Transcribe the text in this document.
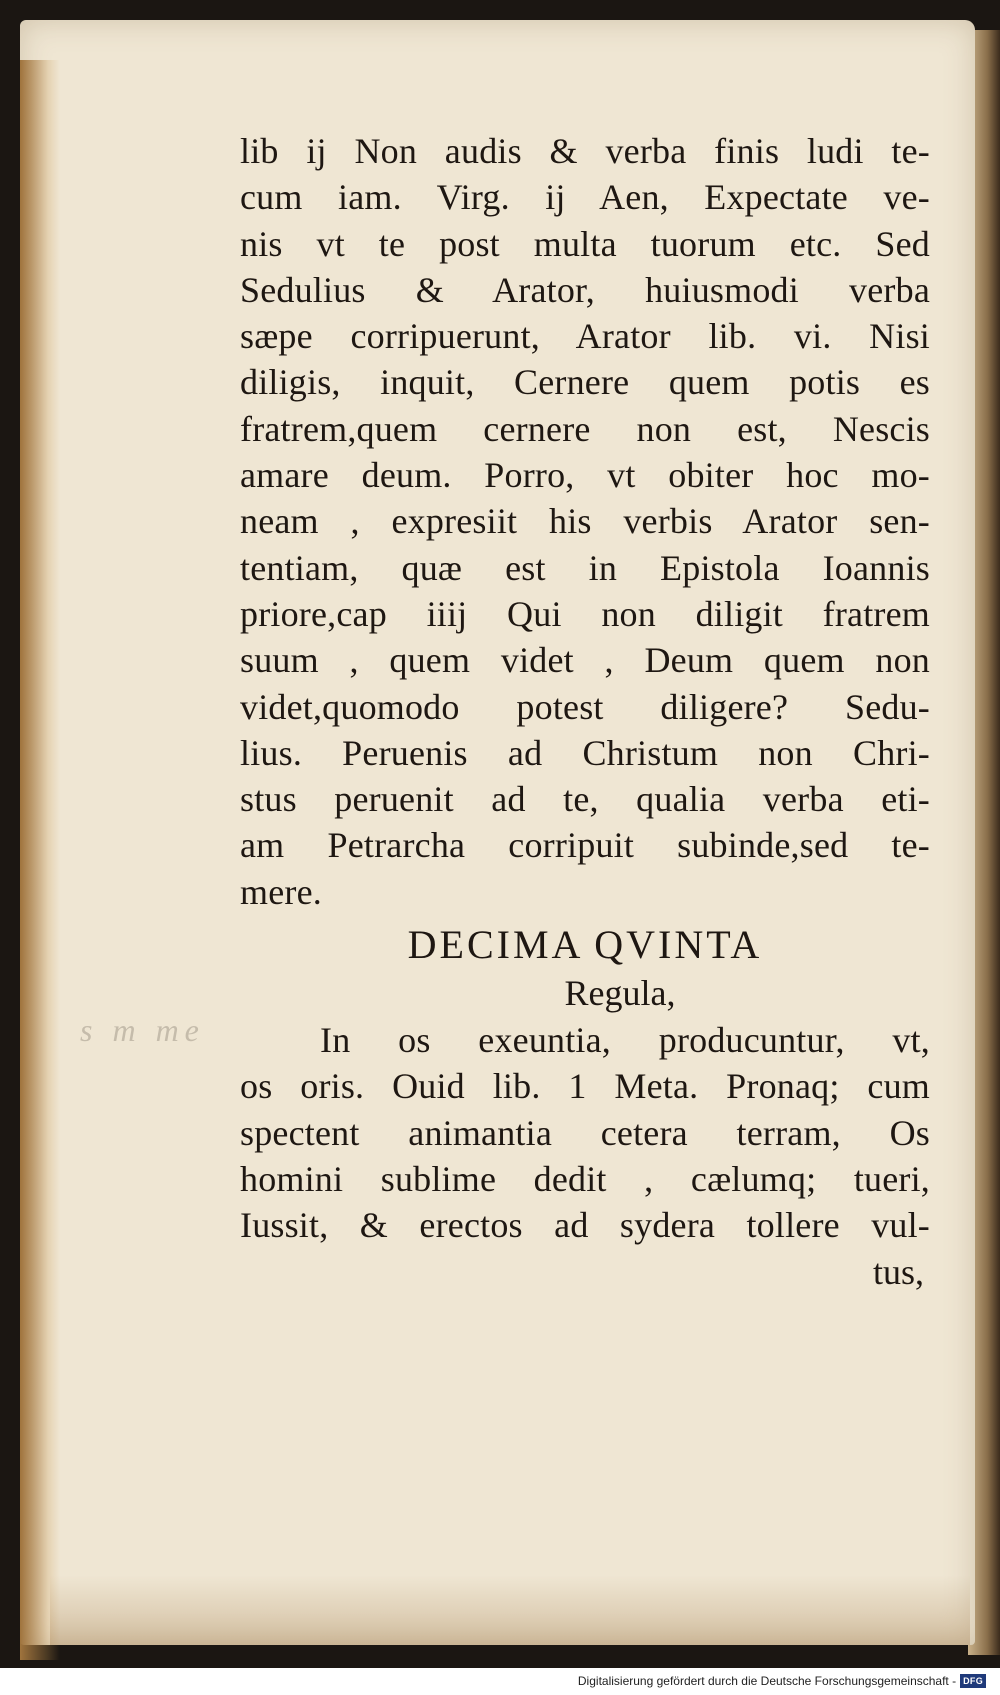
s m me
lib ij Non audis & verba finis ludi te-
cum iam. Virg. ij Aen, Expectate ve-
nis vt te post multa tuorum etc. Sed
Sedulius & Arator, huiusmodi verba
sæpe corripuerunt, Arator lib. vi. Nisi
diligis, inquit, Cernere quem potis es
fratrem,quem cernere non est, Nescis
amare deum. Porro, vt obiter hoc mo-
neam , expresiit his verbis Arator sen-
tentiam, quæ est in Epistola Ioannis
priore,cap iiij Qui non diligit fratrem
suum , quem videt , Deum quem non
videt,quomodo potest diligere? Sedu-
lius. Peruenis ad Christum non Chri-
stus peruenit ad te, qualia verba eti-
am Petrarcha corripuit subinde,sed te-
mere.
DECIMA QVINTA
Regula,
In os exeuntia, producuntur, vt,
os oris. Ouid lib. 1 Meta. Pronaq; cum
spectent animantia cetera terram, Os
homini sublime dedit , cælumq; tueri,
Iussit, & erectos ad sydera tollere vul-
tus,
Digitalisierung gefördert durch die Deutsche Forschungsgemeinschaft - DFG
